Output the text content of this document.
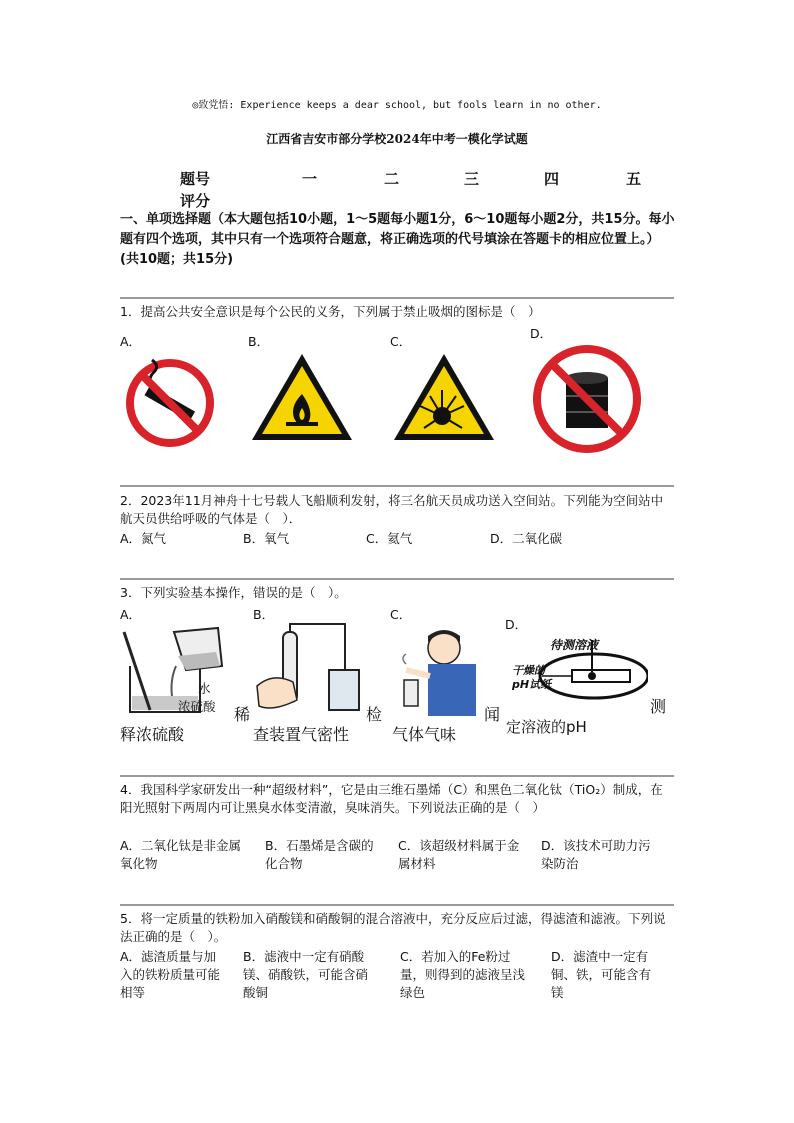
◎致党悟: Experience keeps a dear school, but fools learn in no other.
江西省吉安市部分学校2024年中考一模化学试题
题号	一	二	三	四	五
评分
一、单项选择题（本大题包括10小题，1～5题每小题1分，6～10题每小题2分，共15分。每小题有四个选项，其中只有一个选项符合题意，将正确选项的代号填涂在答题卡的相应位置上。）(共10题；共15分)
1．提高公共安全意识是每个公民的义务，下列属于禁止吸烟的图标是（　）
A．	B．	C．
D．
2．2023年11月神舟十七号载人飞船顺利发射，将三名航天员成功送入空间站。下列能为空间站中航天员供给呼吸的气体是（　）．
A．氮气	B．氧气	C．氦气	D．二氧化碳
3．下列实验基本操作，错误的是（　）。
A．	B．	C．
D．
水
浓硫酸 稀
释浓硫酸
检
查装置气密性
闻
气体气味
待测溶液
干燥的
pH试纸
测
定溶液的pH
4．我国科学家研发出一种“超级材料”，它是由三维石墨烯（C）和黑色二氧化钛（TiO₂）制成，在阳光照射下两周内可让黑臭水体变清澈，臭味消失。下列说法正确的是（　）
A．二氧化钛是非金属
氧化物
B．石墨烯是含碳的
化合物
C．该超级材料属于金
属材料
D．该技术可助力污
染防治
5．将一定质量的铁粉加入硝酸镁和硝酸铜的混合溶液中，充分反应后过滤，得滤渣和滤液。下列说法正确的是（　）。
A．滤渣质量与加
入的铁粉质量可能
相等
B．滤液中一定有硝酸
镁、硝酸铁，可能含硝
酸铜
C．若加入的Fe粉过
量，则得到的滤液呈浅
绿色
D．滤渣中一定有
铜、铁，可能含有
镁
